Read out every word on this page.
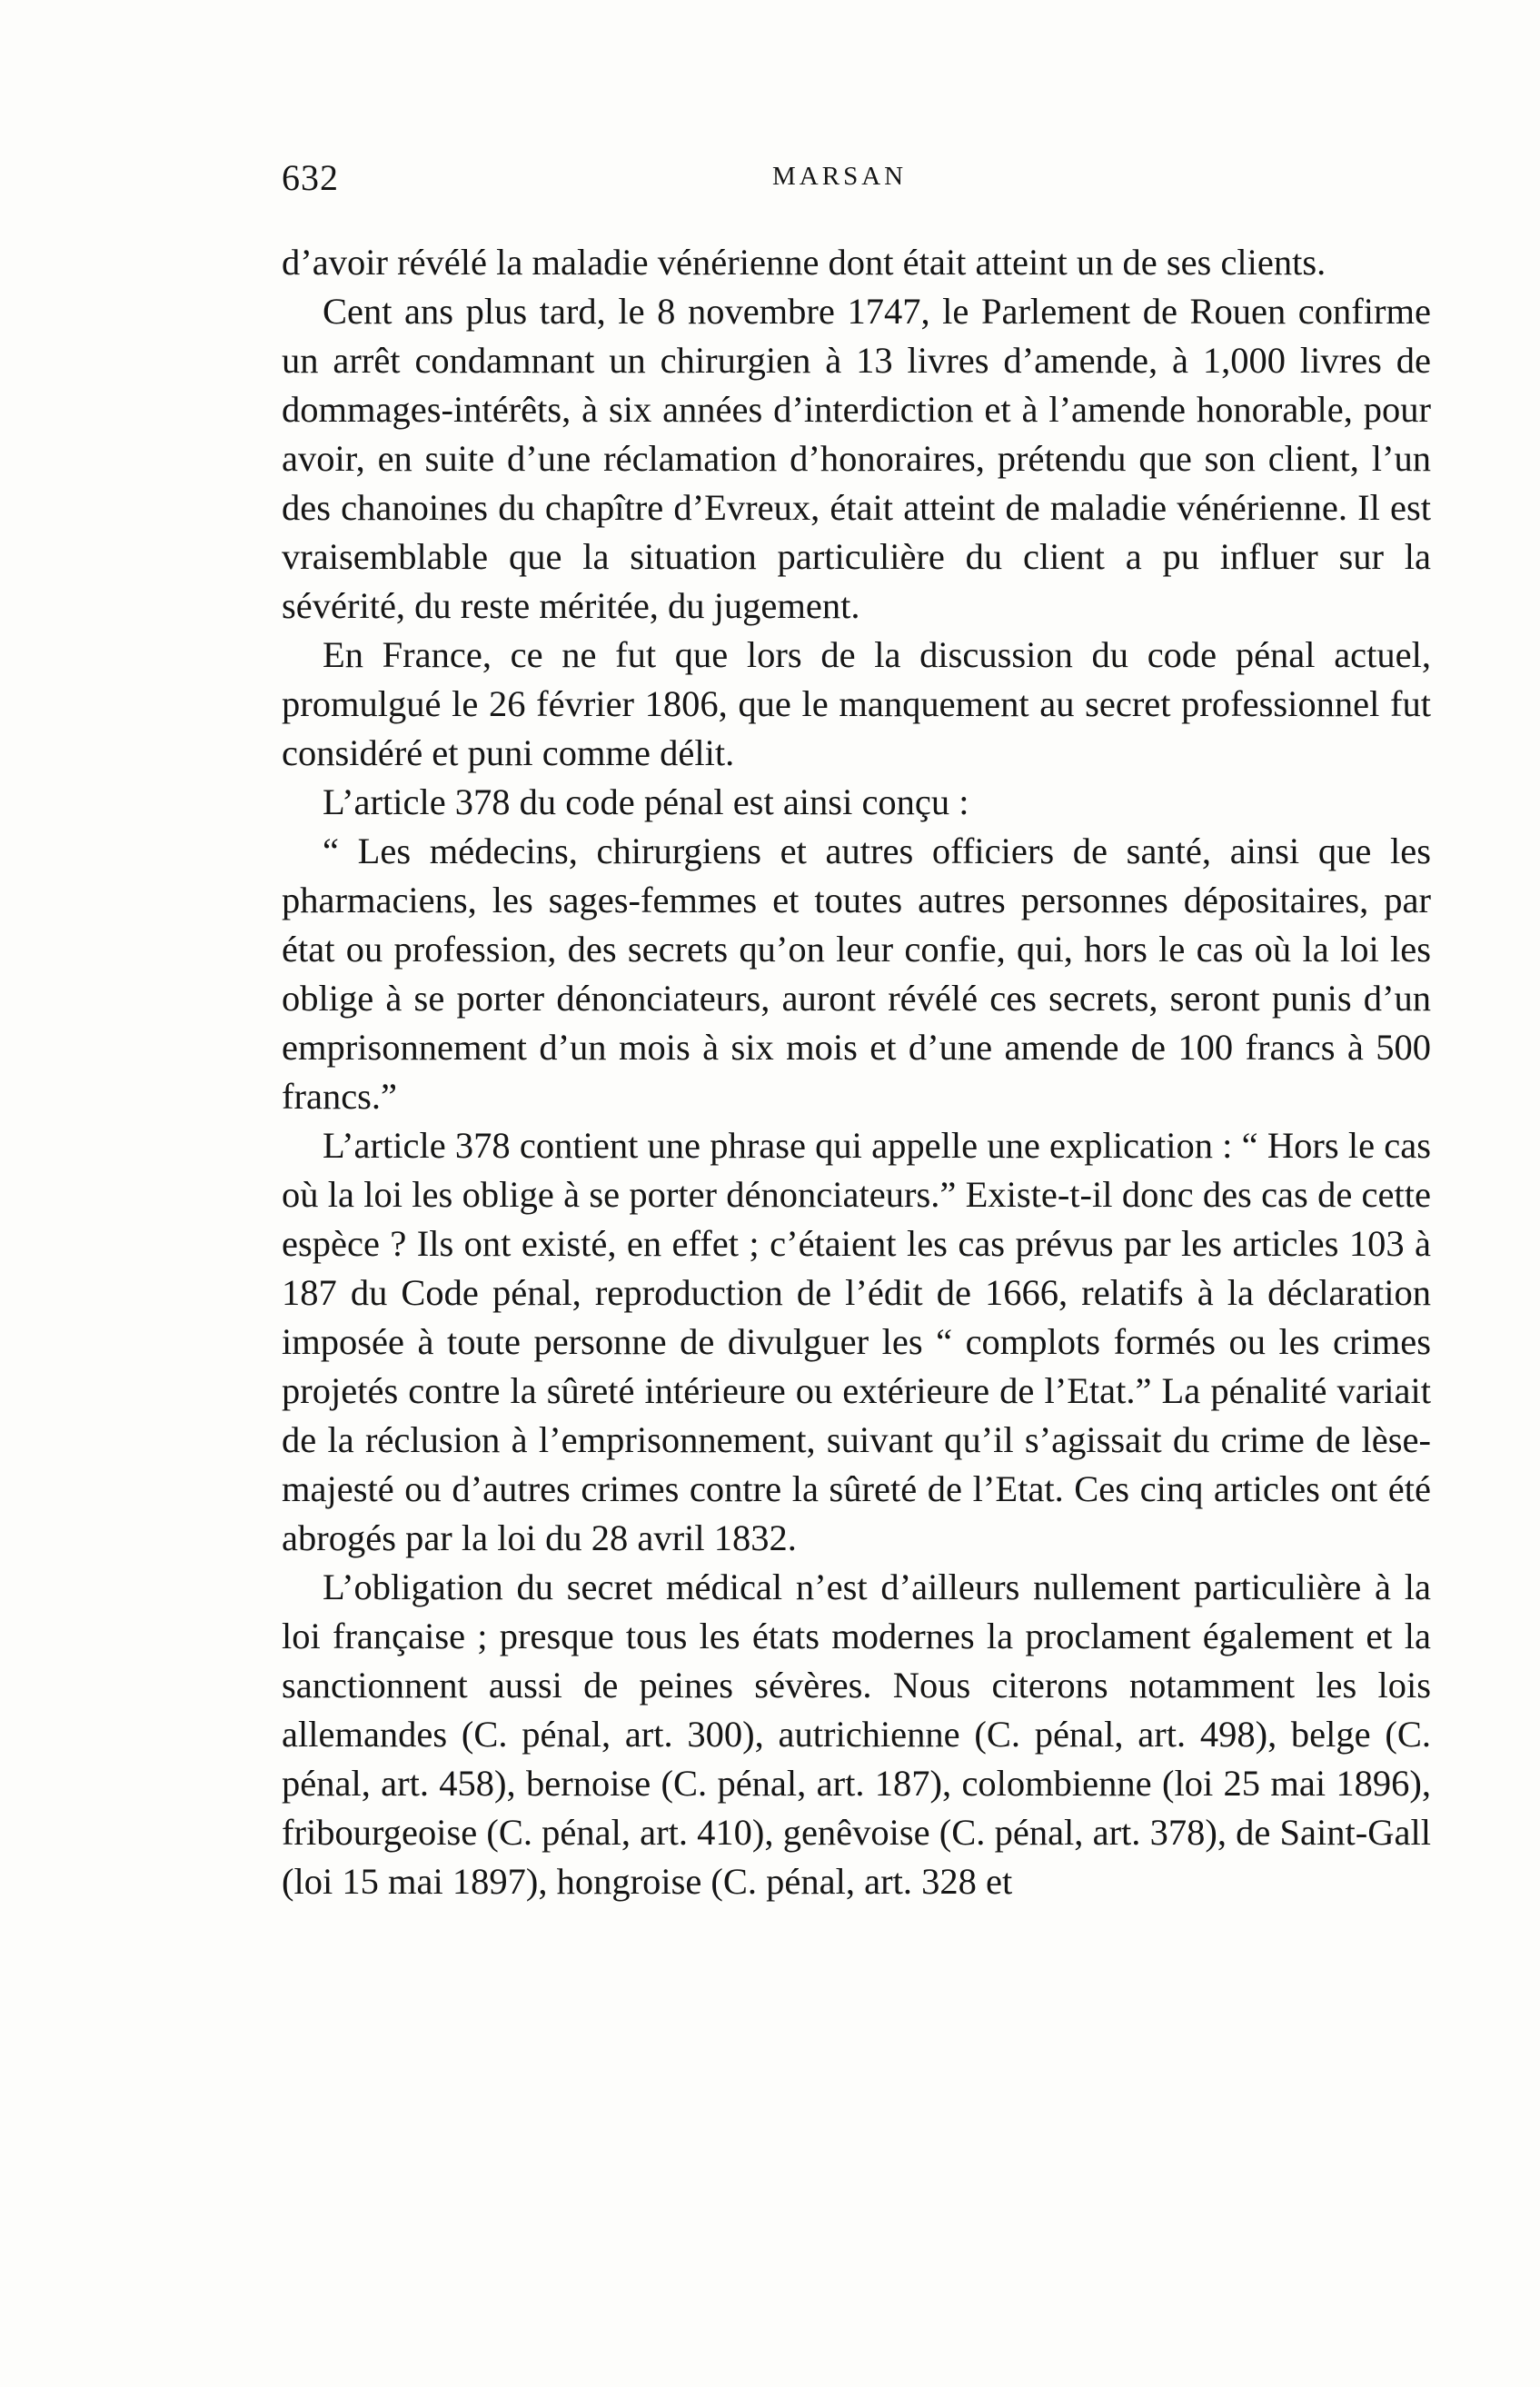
632	MARSAN

d’avoir révélé la maladie vénérienne dont était atteint un de ses clients.

Cent ans plus tard, le 8 novembre 1747, le Parlement de Rouen confirme un arrêt condamnant un chirurgien à 13 livres d’amende, à 1,000 livres de dommages-intérêts, à six années d’interdiction et à l’amende honorable, pour avoir, en suite d’une réclamation d’honoraires, prétendu que son client, l’un des chanoines du chapître d’Evreux, était atteint de maladie vénérienne. Il est vraisemblable que la situation particulière du client a pu influer sur la sévérité, du reste méritée, du jugement.

En France, ce ne fut que lors de la discussion du code pénal actuel, promulgué le 26 février 1806, que le manquement au secret professionnel fut considéré et puni comme délit.

L’article 378 du code pénal est ainsi conçu :

“ Les médecins, chirurgiens et autres officiers de santé, ainsi que les pharmaciens, les sages-femmes et toutes autres personnes dépositaires, par état ou profession, des secrets qu’on leur confie, qui, hors le cas où la loi les oblige à se porter dénonciateurs, auront révélé ces secrets, seront punis d’un emprisonnement d’un mois à six mois et d’une amende de 100 francs à 500 francs.”

L’article 378 contient une phrase qui appelle une explication : “ Hors le cas où la loi les oblige à se porter dénonciateurs.” Existe-t-il donc des cas de cette espèce ? Ils ont existé, en effet ; c’étaient les cas prévus par les articles 103 à 187 du Code pénal, reproduction de l’édit de 1666, relatifs à la déclaration imposée à toute personne de divulguer les “ complots formés ou les crimes projetés contre la sûreté intérieure ou extérieure de l’Etat.” La pénalité variait de la réclusion à l’emprisonnement, suivant qu’il s’agissait du crime de lèse-majesté ou d’autres crimes contre la sûreté de l’Etat. Ces cinq articles ont été abrogés par la loi du 28 avril 1832.

L’obligation du secret médical n’est d’ailleurs nullement particulière à la loi française ; presque tous les états modernes la proclament également et la sanctionnent aussi de peines sévères. Nous citerons notamment les lois allemandes (C. pénal, art. 300), autrichienne (C. pénal, art. 498), belge (C. pénal, art. 458), bernoise (C. pénal, art. 187), colombienne (loi 25 mai 1896), fribourgeoise (C. pénal, art. 410), genêvoise (C. pénal, art. 378), de Saint-Gall (loi 15 mai 1897), hongroise (C. pénal, art. 328 et
